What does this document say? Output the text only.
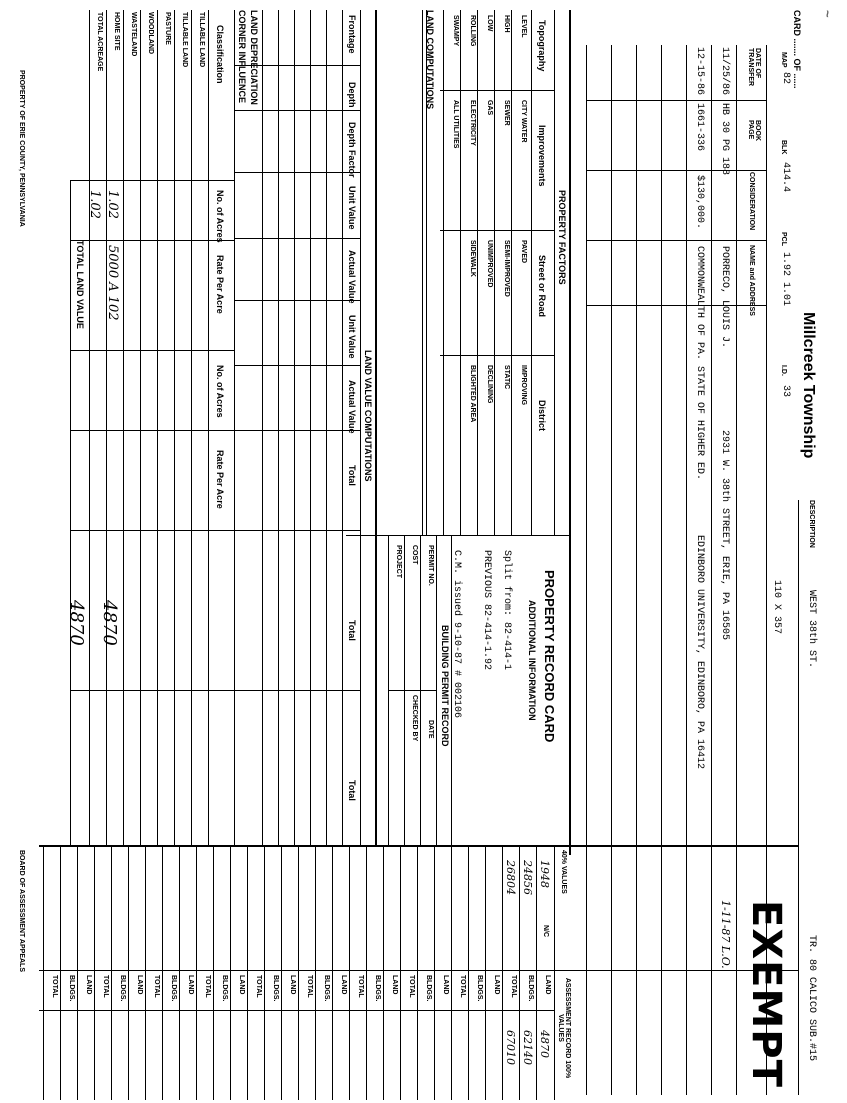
CARD ....... OF ......
~
Millcreek Township
DESCRIPTION
WEST 38th ST.
110 X 357
TR. 80 CALICO SUB.#15
MAP
82
BLK
414.4
PCL
1.92 1.01
I.D.
33
DATE OF TRANSFER
BOOK PAGE
CONSIDERATION
NAME and ADDRESS
11/25/86
HB 30 PG 188
PORRECO, LOUIS J.
2931 W. 38th STREET, ERIE, PA 16505
12-15-86
1661-336
$130,000.
COMMONWEALTH OF PA. STATE OF HIGHER ED.
EDINBORO UNIVERSITY, EDINBORO, PA 16412
PROPERTY FACTORS
Topography
Improvements
Street or Road
District
LAND COMPUTATIONS
PROPERTY RECORD CARD
ADDITIONAL INFORMATION
Split from: 82-414-1
PREVIOUS 82-414-1.92
C.M. issued 9-10-87 # 002106
BUILDING PERMIT RECORD
PERMIT NO.
DATE
COST
CHECKED BY
PROJECT
EXEMPT
1-11-87 L.O.
40% VALUES
ASSESSMENT RECORD 100% VALUES
N/C
LAND VALUE COMPUTATIONS
Frontage
Depth
Depth Factor
Unit Value
Actual Value
Unit Value
Actual Value
Total
Total
Total
LAND DEPRECIATION
CORNER INFLUENCE
Classification
No. of Acres
Rate Per Acre
No. of Acres
Rate Per Acre
1.02
5000 A 102
4870
1.02
TOTAL LAND VALUE
4870
PROPERTY OF ERIE COUNTY, PENNSYLVANIA
BOARD OF ASSESSMENT APPEALS
LEVEL
HIGH
LOW
ROLLING
SWAMPY
CITY WATER
SEWER
GAS
ELECTRICITY
ALL UTILITIES
PAVED
SEMI-IMPROVED
UNIMPROVED
SIDEWALK
IMPROVING
STATIC
DECLINING
BLIGHTED AREA
TILLABLE LAND
TILLABLE LAND
PASTURE
WOODLAND
WASTELAND
HOME SITE
TOTAL ACREAGE
LAND
BLDGS.
TOTAL
LAND
BLDGS.
TOTAL
LAND
BLDGS.
TOTAL
LAND
BLDGS.
TOTAL
LAND
BLDGS.
TOTAL
LAND
BLDGS.
TOTAL
LAND
BLDGS.
TOTAL
LAND
BLDGS.
TOTAL
LAND
BLDGS.
TOTAL
LAND
BLDGS.
TOTAL
1948
4870
24856
62140
26804
67010
